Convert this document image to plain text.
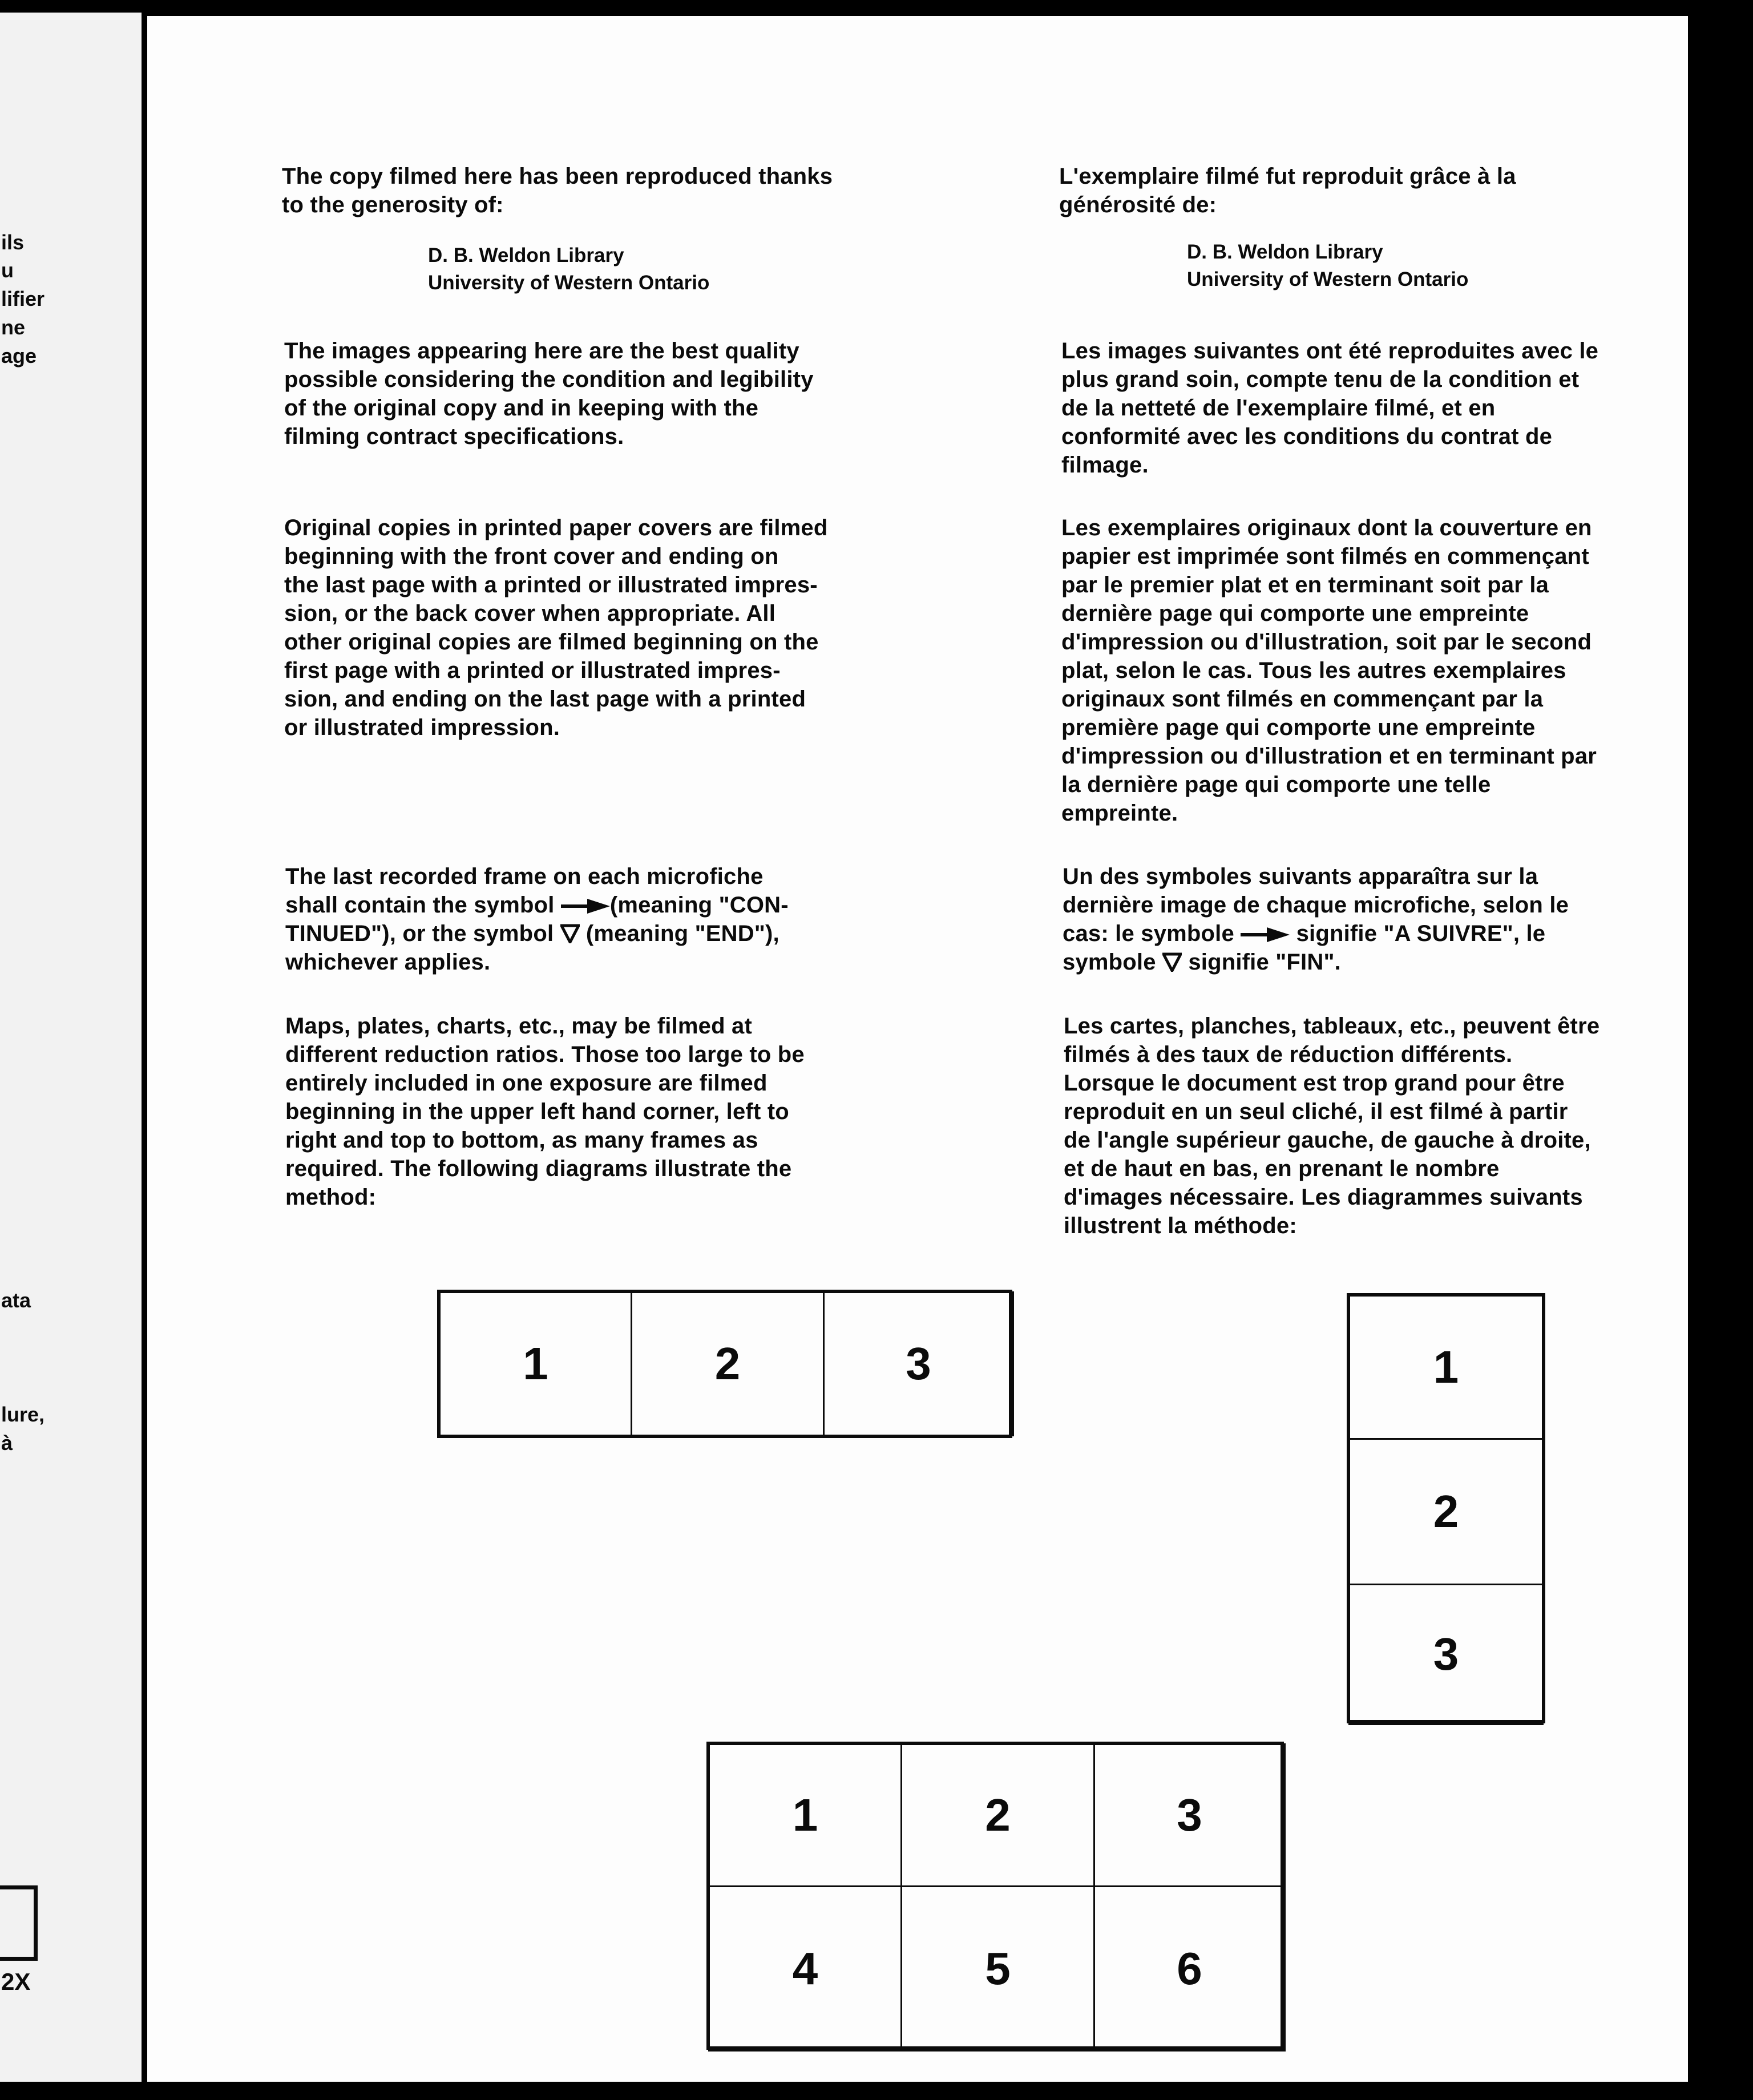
ils
u
lifier
ne
age
ata
lure,
à
2X

The copy filmed here has been reproduced thanks
to the generosity of:

D. B. Weldon Library
University of Western Ontario

The images appearing here are the best quality
possible considering the condition and legibility
of the original copy and in keeping with the
filming contract specifications.

Original copies in printed paper covers are filmed
beginning with the front cover and ending on
the last page with a printed or illustrated impres-
sion, or the back cover when appropriate. All
other original copies are filmed beginning on the
first page with a printed or illustrated impres-
sion, and ending on the last page with a printed
or illustrated impression.

The last recorded frame on each microfiche
shall contain the symbol (meaning "CON-
TINUED"), or the symbol  (meaning "END"),
whichever applies.

Maps, plates, charts, etc., may be filmed at
different reduction ratios. Those too large to be
entirely included in one exposure are filmed
beginning in the upper left hand corner, left to
right and top to bottom, as many frames as
required. The following diagrams illustrate the
method:

L'exemplaire filmé fut reproduit grâce à la
générosité de:

D. B. Weldon Library
University of Western Ontario

Les images suivantes ont été reproduites avec le
plus grand soin, compte tenu de la condition et
de la netteté de l'exemplaire filmé, et en
conformité avec les conditions du contrat de
filmage.

Les exemplaires originaux dont la couverture en
papier est imprimée sont filmés en commençant
par le premier plat et en terminant soit par la
dernière page qui comporte une empreinte
d'impression ou d'illustration, soit par le second
plat, selon le cas. Tous les autres exemplaires
originaux sont filmés en commençant par la
première page qui comporte une empreinte
d'impression ou d'illustration et en terminant par
la dernière page qui comporte une telle
empreinte.

Un des symboles suivants apparaîtra sur la
dernière image de chaque microfiche, selon le
cas: le symbole	signifie "A SUIVRE", le
symbole  signifie "FIN".

Les cartes, planches, tableaux, etc., peuvent être
filmés à des taux de réduction différents.
Lorsque le document est trop grand pour être
reproduit en un seul cliché, il est filmé à partir
de l'angle supérieur gauche, de gauche à droite,
et de haut en bas, en prenant le nombre
d'images nécessaire. Les diagrammes suivants
illustrent la méthode:

1	2	3	1
2
3
1	2	3
4	5	6
